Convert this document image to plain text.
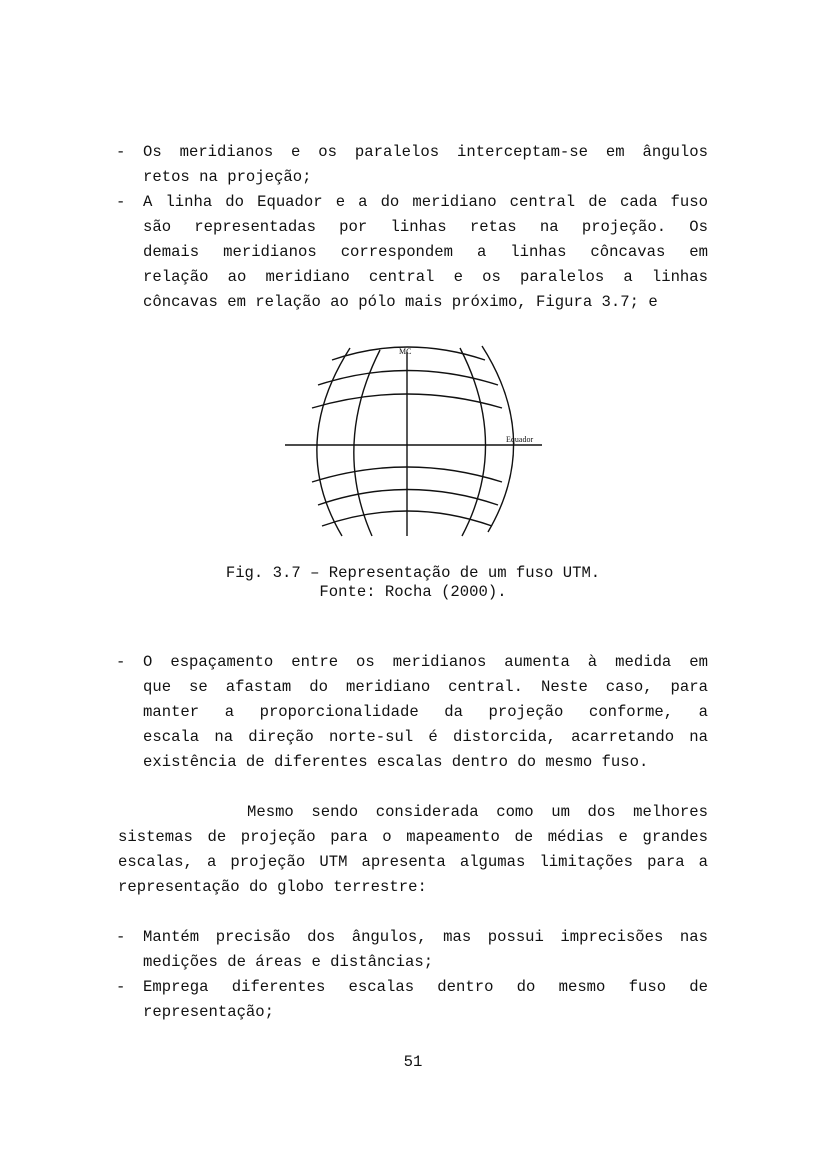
- Os meridianos e os paralelos interceptam-se em ângulos
retos na projeção;
- A linha do Equador e a do meridiano central de cada fuso
são representadas por linhas retas na projeção. Os
demais meridianos correspondem a linhas côncavas em
relação ao meridiano central e os paralelos a linhas
côncavas em relação ao pólo mais próximo, Figura 3.7; e
MC
Equador
Fig. 3.7 – Representação de um fuso UTM.
Fonte: Rocha (2000).
- O espaçamento entre os meridianos aumenta à medida em
que se afastam do meridiano central. Neste caso, para
manter a proporcionalidade da projeção conforme, a
escala na direção norte-sul é distorcida, acarretando na
existência de diferentes escalas dentro do mesmo fuso.
Mesmo sendo considerada como um dos melhores
sistemas de projeção para o mapeamento de médias e grandes
escalas, a projeção UTM apresenta algumas limitações para a
representação do globo terrestre:
- Mantém precisão dos ângulos, mas possui imprecisões nas
medições de áreas e distâncias;
- Emprega diferentes escalas dentro do mesmo fuso de
representação;
51
